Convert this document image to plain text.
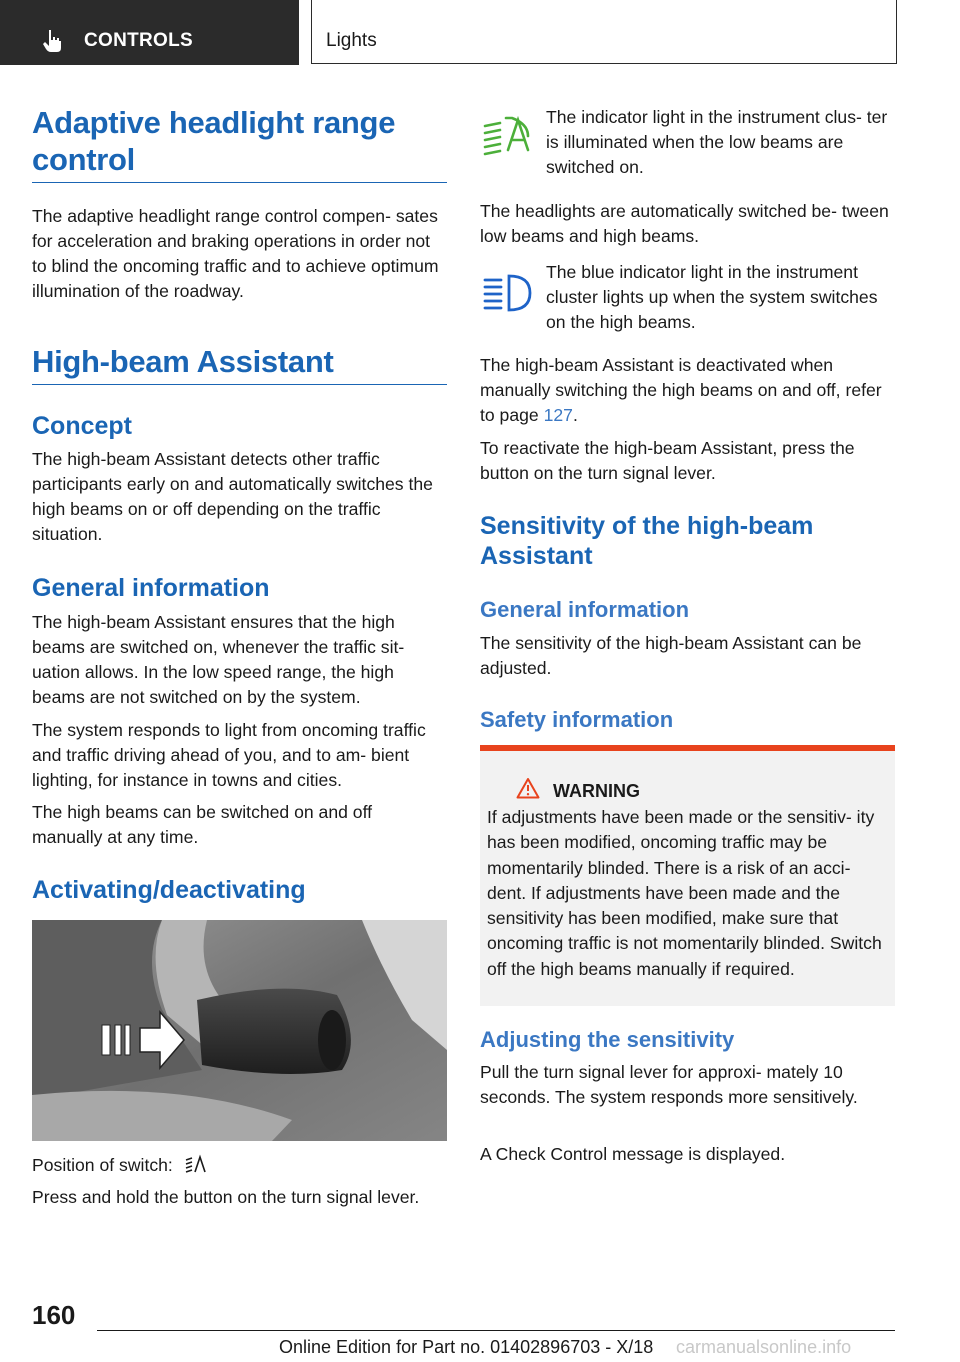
CONTROLS	Lights
Adaptive headlight range control
The adaptive headlight range control compen‐ sates for acceleration and braking operations in order not to blind the oncoming traffic and to achieve optimum illumination of the roadway.
High-beam Assistant
Concept
The high-beam Assistant detects other traffic participants early on and automatically switches the high beams on or off depending on the traffic situation.
General information
The high-beam Assistant ensures that the high beams are switched on, whenever the traffic sit‐ uation allows. In the low speed range, the high beams are not switched on by the system.
The system responds to light from oncoming traffic and traffic driving ahead of you, and to am‐ bient lighting, for instance in towns and cities.
The high beams can be switched on and off manually at any time.
Activating/deactivating
Position of switch:
Press and hold the button on the turn signal lever.
The indicator light in the instrument clus‐ ter is illuminated when the low beams are switched on.
The headlights are automatically switched be‐ tween low beams and high beams.
The blue indicator light in the instrument cluster lights up when the system switches on the high beams.
The high-beam Assistant is deactivated when manually switching the high beams on and off, refer to page 127.
To reactivate the high-beam Assistant, press the button on the turn signal lever.
Sensitivity of the high-beam Assistant
General information
The sensitivity of the high-beam Assistant can be adjusted.
Safety information
WARNING
If adjustments have been made or the sensitiv‐ ity has been modified, oncoming traffic may be momentarily blinded. There is a risk of an acci‐ dent. If adjustments have been made and the sensitivity has been modified, make sure that oncoming traffic is not momentarily blinded. Switch off the high beams manually if required.
Adjusting the sensitivity
Pull the turn signal lever for approxi‐ mately 10 seconds. The system responds more sensitively.
A Check Control message is displayed.
160
Online Edition for Part no. 01402896703 - X/18 carmanualsonline.info
